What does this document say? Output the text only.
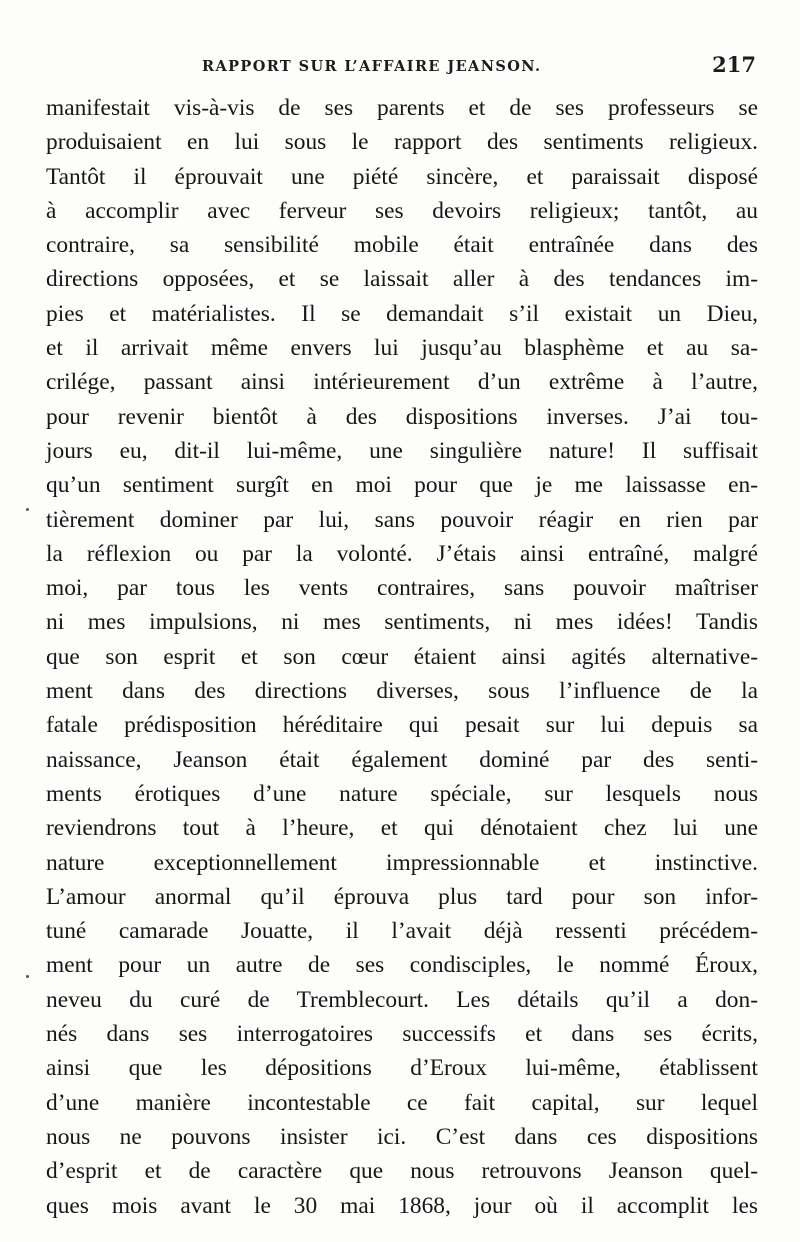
RAPPORT SUR L’AFFAIRE JEANSON.	217
manifestait vis-à-vis de ses parents et de ses professeurs se
produisaient en lui sous le rapport des sentiments religieux.
Tantôt il éprouvait une piété sincère, et paraissait disposé
à accomplir avec ferveur ses devoirs religieux; tantôt, au
contraire, sa sensibilité mobile était entraînée dans des
directions opposées, et se laissait aller à des tendances im-
pies et matérialistes. Il se demandait s’il existait un Dieu,
et il arrivait même envers lui jusqu’au blasphème et au sa-
crilége, passant ainsi intérieurement d’un extrême à l’autre,
pour revenir bientôt à des dispositions inverses. J’ai tou-
jours eu, dit-il lui-même, une singulière nature! Il suffisait
qu’un sentiment surgît en moi pour que je me laissasse en-
tièrement dominer par lui, sans pouvoir réagir en rien par
la réflexion ou par la volonté. J’étais ainsi entraîné, malgré
moi, par tous les vents contraires, sans pouvoir maîtriser
ni mes impulsions, ni mes sentiments, ni mes idées! Tandis
que son esprit et son cœur étaient ainsi agités alternative-
ment dans des directions diverses, sous l’influence de la
fatale prédisposition héréditaire qui pesait sur lui depuis sa
naissance, Jeanson était également dominé par des senti-
ments érotiques d’une nature spéciale, sur lesquels nous
reviendrons tout à l’heure, et qui dénotaient chez lui une
nature exceptionnellement impressionnable et instinctive.
L’amour anormal qu’il éprouva plus tard pour son infor-
tuné camarade Jouatte, il l’avait déjà ressenti précédem-
ment pour un autre de ses condisciples, le nommé Éroux,
neveu du curé de Tremblecourt. Les détails qu’il a don-
nés dans ses interrogatoires successifs et dans ses écrits,
ainsi que les dépositions d’Eroux lui-même, établissent
d’une manière incontestable ce fait capital, sur lequel
nous ne pouvons insister ici. C’est dans ces dispositions
d’esprit et de caractère que nous retrouvons Jeanson quel-
ques mois avant le 30 mai 1868, jour où il accomplit les
